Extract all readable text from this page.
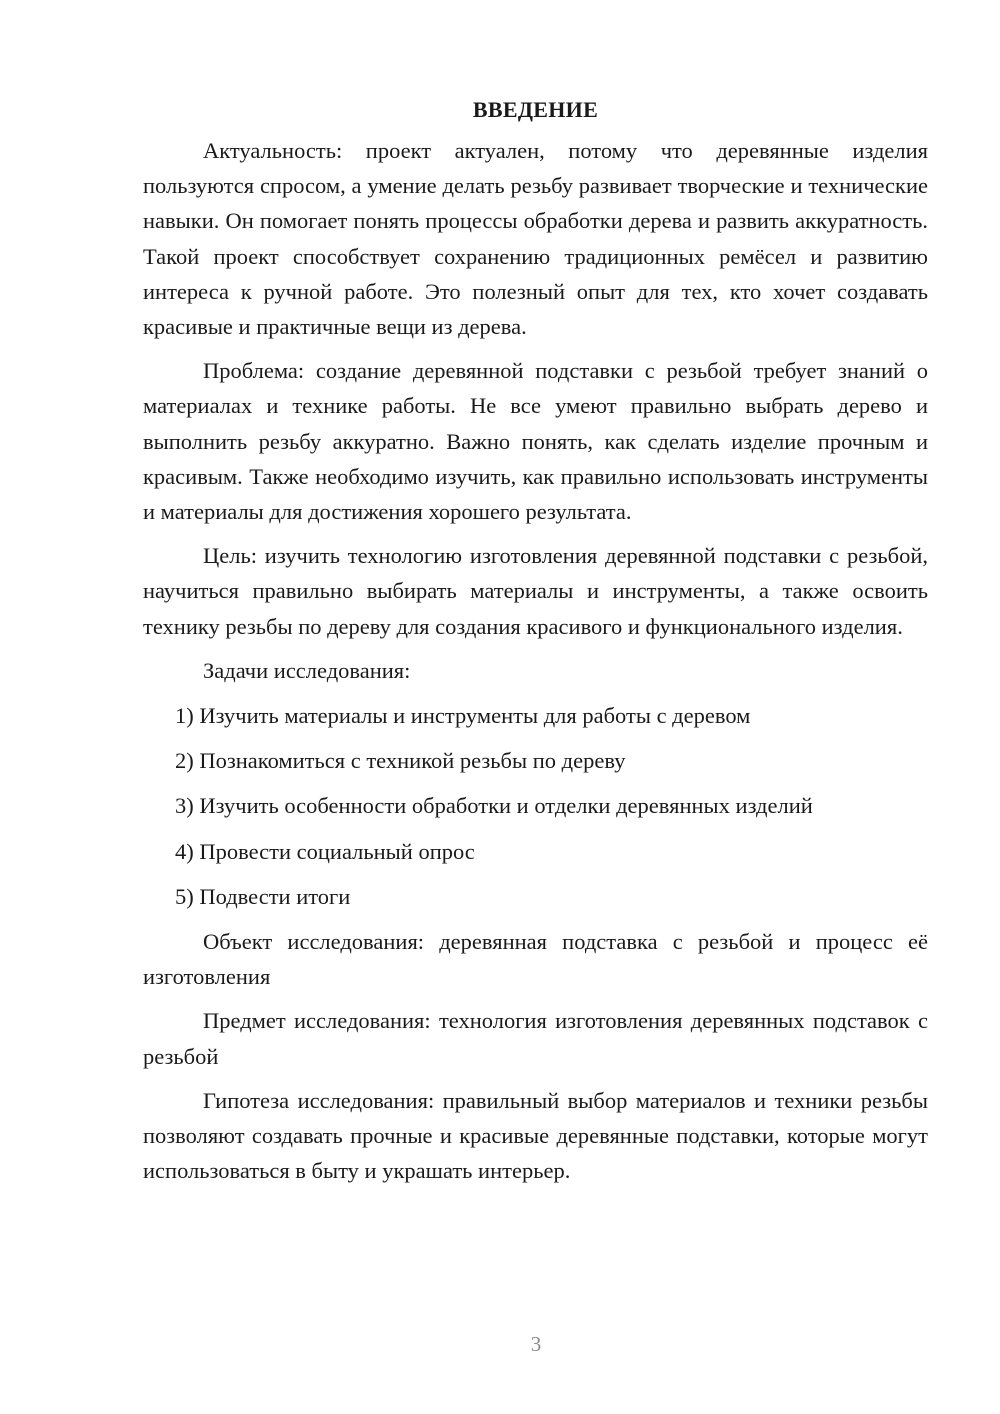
ВВЕДЕНИЕ

Актуальность: проект актуален, потому что деревянные изделия пользуются спросом, а умение делать резьбу развивает творческие и технические навыки. Он помогает понять процессы обработки дерева и развить аккуратность. Такой проект способствует сохранению традиционных ремёсел и развитию интереса к ручной работе. Это полезный опыт для тех, кто хочет создавать красивые и практичные вещи из дерева.

Проблема: создание деревянной подставки с резьбой требует знаний о материалах и технике работы. Не все умеют правильно выбрать дерево и выполнить резьбу аккуратно. Важно понять, как сделать изделие прочным и красивым. Также необходимо изучить, как правильно использовать инструменты и материалы для достижения хорошего результата.

Цель: изучить технологию изготовления деревянной подставки с резьбой, научиться правильно выбирать материалы и инструменты, а также освоить технику резьбы по дереву для создания красивого и функционального изделия.

Задачи исследования:
1) Изучить материалы и инструменты для работы с деревом
2) Познакомиться с техникой резьбы по дереву
3) Изучить особенности обработки и отделки деревянных изделий
4) Провести социальный опрос
5) Подвести итоги

Объект исследования: деревянная подставка с резьбой и процесс её изготовления

Предмет исследования: технология изготовления деревянных подставок с резьбой

Гипотеза исследования: правильный выбор материалов и техники резьбы позволяют создавать прочные и красивые деревянные подставки, которые могут использоваться в быту и украшать интерьер.

3
